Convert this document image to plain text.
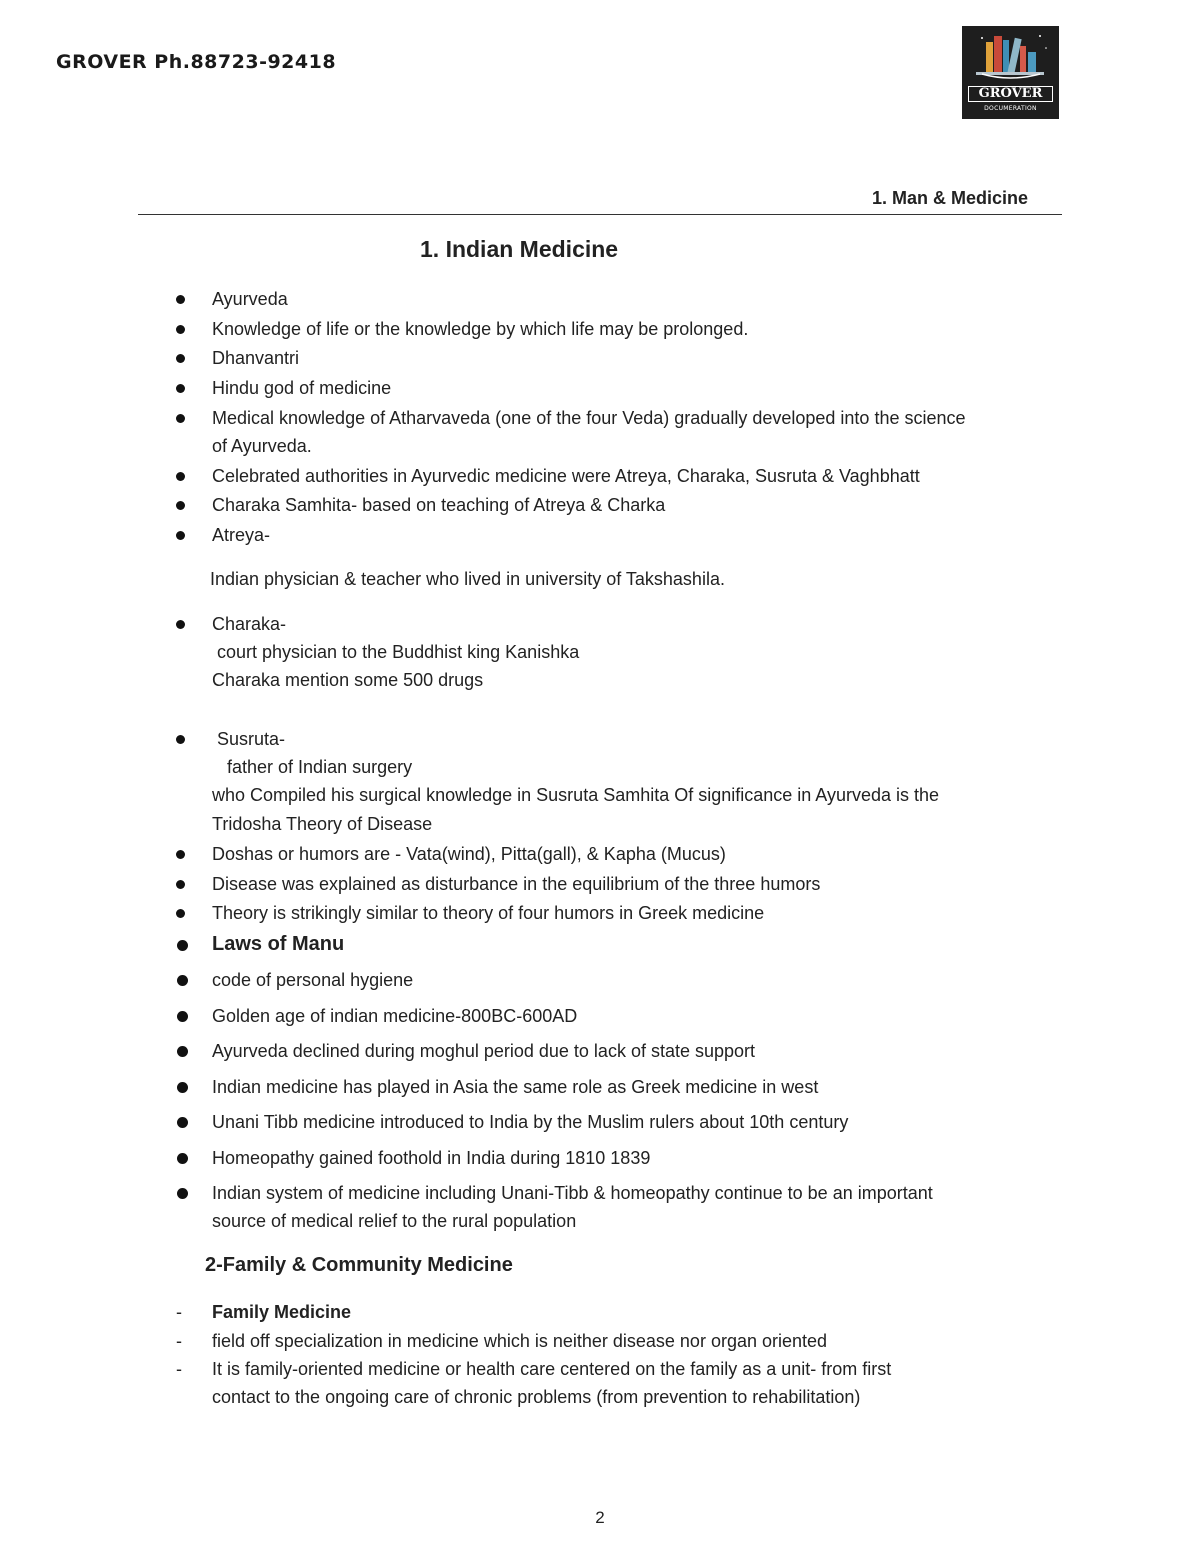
GROVER Ph.88723-92418
GROVER
DOCUMERATION
1. Man & Medicine
1. Indian Medicine
Ayurveda
Knowledge of life or the knowledge by which life may be prolonged.
Dhanvantri
Hindu god of medicine
Medical knowledge of Atharvaveda (one of the four Veda) gradually developed into the science
of Ayurveda.
Celebrated authorities in Ayurvedic medicine were Atreya, Charaka, Susruta & Vaghbhatt
Charaka Samhita- based on teaching of Atreya & Charka
Atreya-
Indian physician & teacher who lived in university of Takshashila.
Charaka-
court physician to the Buddhist king Kanishka
Charaka mention some 500 drugs
Susruta-
father of Indian surgery
who Compiled his surgical knowledge in Susruta Samhita Of significance in Ayurveda is the
Tridosha Theory of Disease
Doshas or humors are - Vata(wind), Pitta(gall), & Kapha (Mucus)
Disease was explained as disturbance in the equilibrium of the three humors
Theory is strikingly similar to theory of four humors in Greek medicine
Laws of Manu
code of personal hygiene
Golden age of indian medicine-800BC-600AD
Ayurveda declined during moghul period due to lack of state support
Indian medicine has played in Asia the same role as Greek medicine in west
Unani Tibb medicine introduced to India by the Muslim rulers about 10th century
Homeopathy gained foothold in India during 1810 1839
Indian system of medicine including Unani-Tibb & homeopathy continue to be an important
source of medical relief to the rural population
2-Family & Community Medicine
- Family Medicine
- field off specialization in medicine which is neither disease nor organ oriented
- It is family-oriented medicine or health care centered on the family as a unit- from first
contact to the ongoing care of chronic problems (from prevention to rehabilitation)
2
